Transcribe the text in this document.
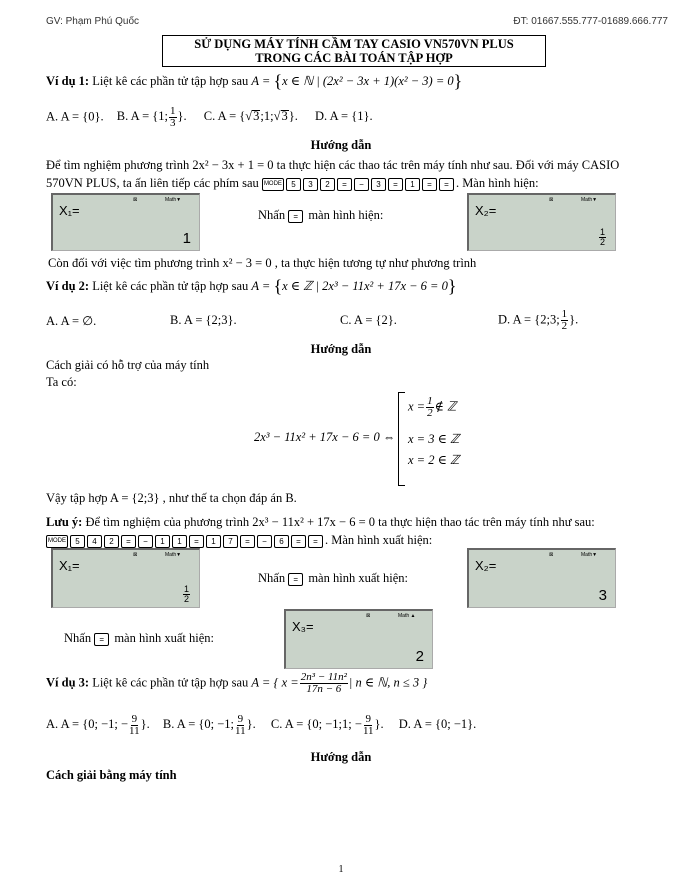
GV: Phạm Phú Quốc	ĐT: 01667.555.777-01689.666.777
SỬ DỤNG MÁY TÍNH CẦM TAY CASIO VN570VN PLUS
TRONG CÁC BÀI TOÁN TẬP HỢP
Ví dụ 1: Liệt kê các phần tử tập hợp sau A = {x ∈ ℕ | (2x² − 3x + 1)(x² − 3) = 0}
A. A = {0}. B. A = {1; $\frac{1}{3}$ }. C. A = {√3;1;√3}. D. A = {1}.
Hướng dẫn
Để tìm nghiệm phương trình 2x² − 3x + 1 = 0 ta thực hiện các thao tác trên máy tính như sau. Đối với máy CASIO
570VN PLUS, ta ấn liên tiếp các phím sau MODE 5 3 2 = − 3 = 1 = = . Màn hình hiện:
X₁=
⊠	Math▼
1
Nhấn = màn hình hiện:	X₂=
⊠	Math▼
$\frac{1}{2}$
Còn đối với việc tìm phương trình x² − 3 = 0 , ta thực hiện tương tự như phương trình
Ví dụ 2: Liệt kê các phần tử tập hợp sau A = {x ∈ ℤ | 2x³ − 11x² + 17x − 6 = 0}
A. A = ∅.	B. A = {2;3}.	C. A = {2}.	D. A = {2;3; $\frac{1}{2}$ }.
Hướng dẫn
Cách giải có hỗ trợ của máy tính
Ta có:
2x³ − 11x² + 17x − 6 = 0 ⇔
$x = \frac{1}{2}$ ∉ ℤ
x = 3 ∈ ℤ
x = 2 ∈ ℤ
Vậy tập hợp A = {2;3} , như thế ta chọn đáp án B.
Lưu ý: Để tìm nghiệm của phương trình 2x³ − 11x² + 17x − 6 = 0 ta thực hiện thao tác trên máy tính như sau:
MODE 5 4 2 = − 1 1 = 1 7 = − 6 = = . Màn hình xuất hiện:
X₁=
⊠	Math▼
$\frac{1}{2}$
Nhấn = màn hình xuất hiện:
X₂=
⊠	Math▼
3
Nhấn = màn hình xuất hiện:
X₃=
⊠	Math ▲
2
Ví dụ 3: Liệt kê các phần tử tập hợp sau A = { $x = \frac{\text{2n³ − 11n²}}{17n - 6}$ | n ∈ ℕ, n ≤ 3 }
A. A = {0; −1; − $\frac{9}{11}$ }. B. A = {0; −1; $\frac{9}{11}$ }. C. A = {0; −1;1; − $\frac{9}{11}$ }. D. A = {0; −1}.
Hướng dẫn
Cách giải bằng máy tính
1
